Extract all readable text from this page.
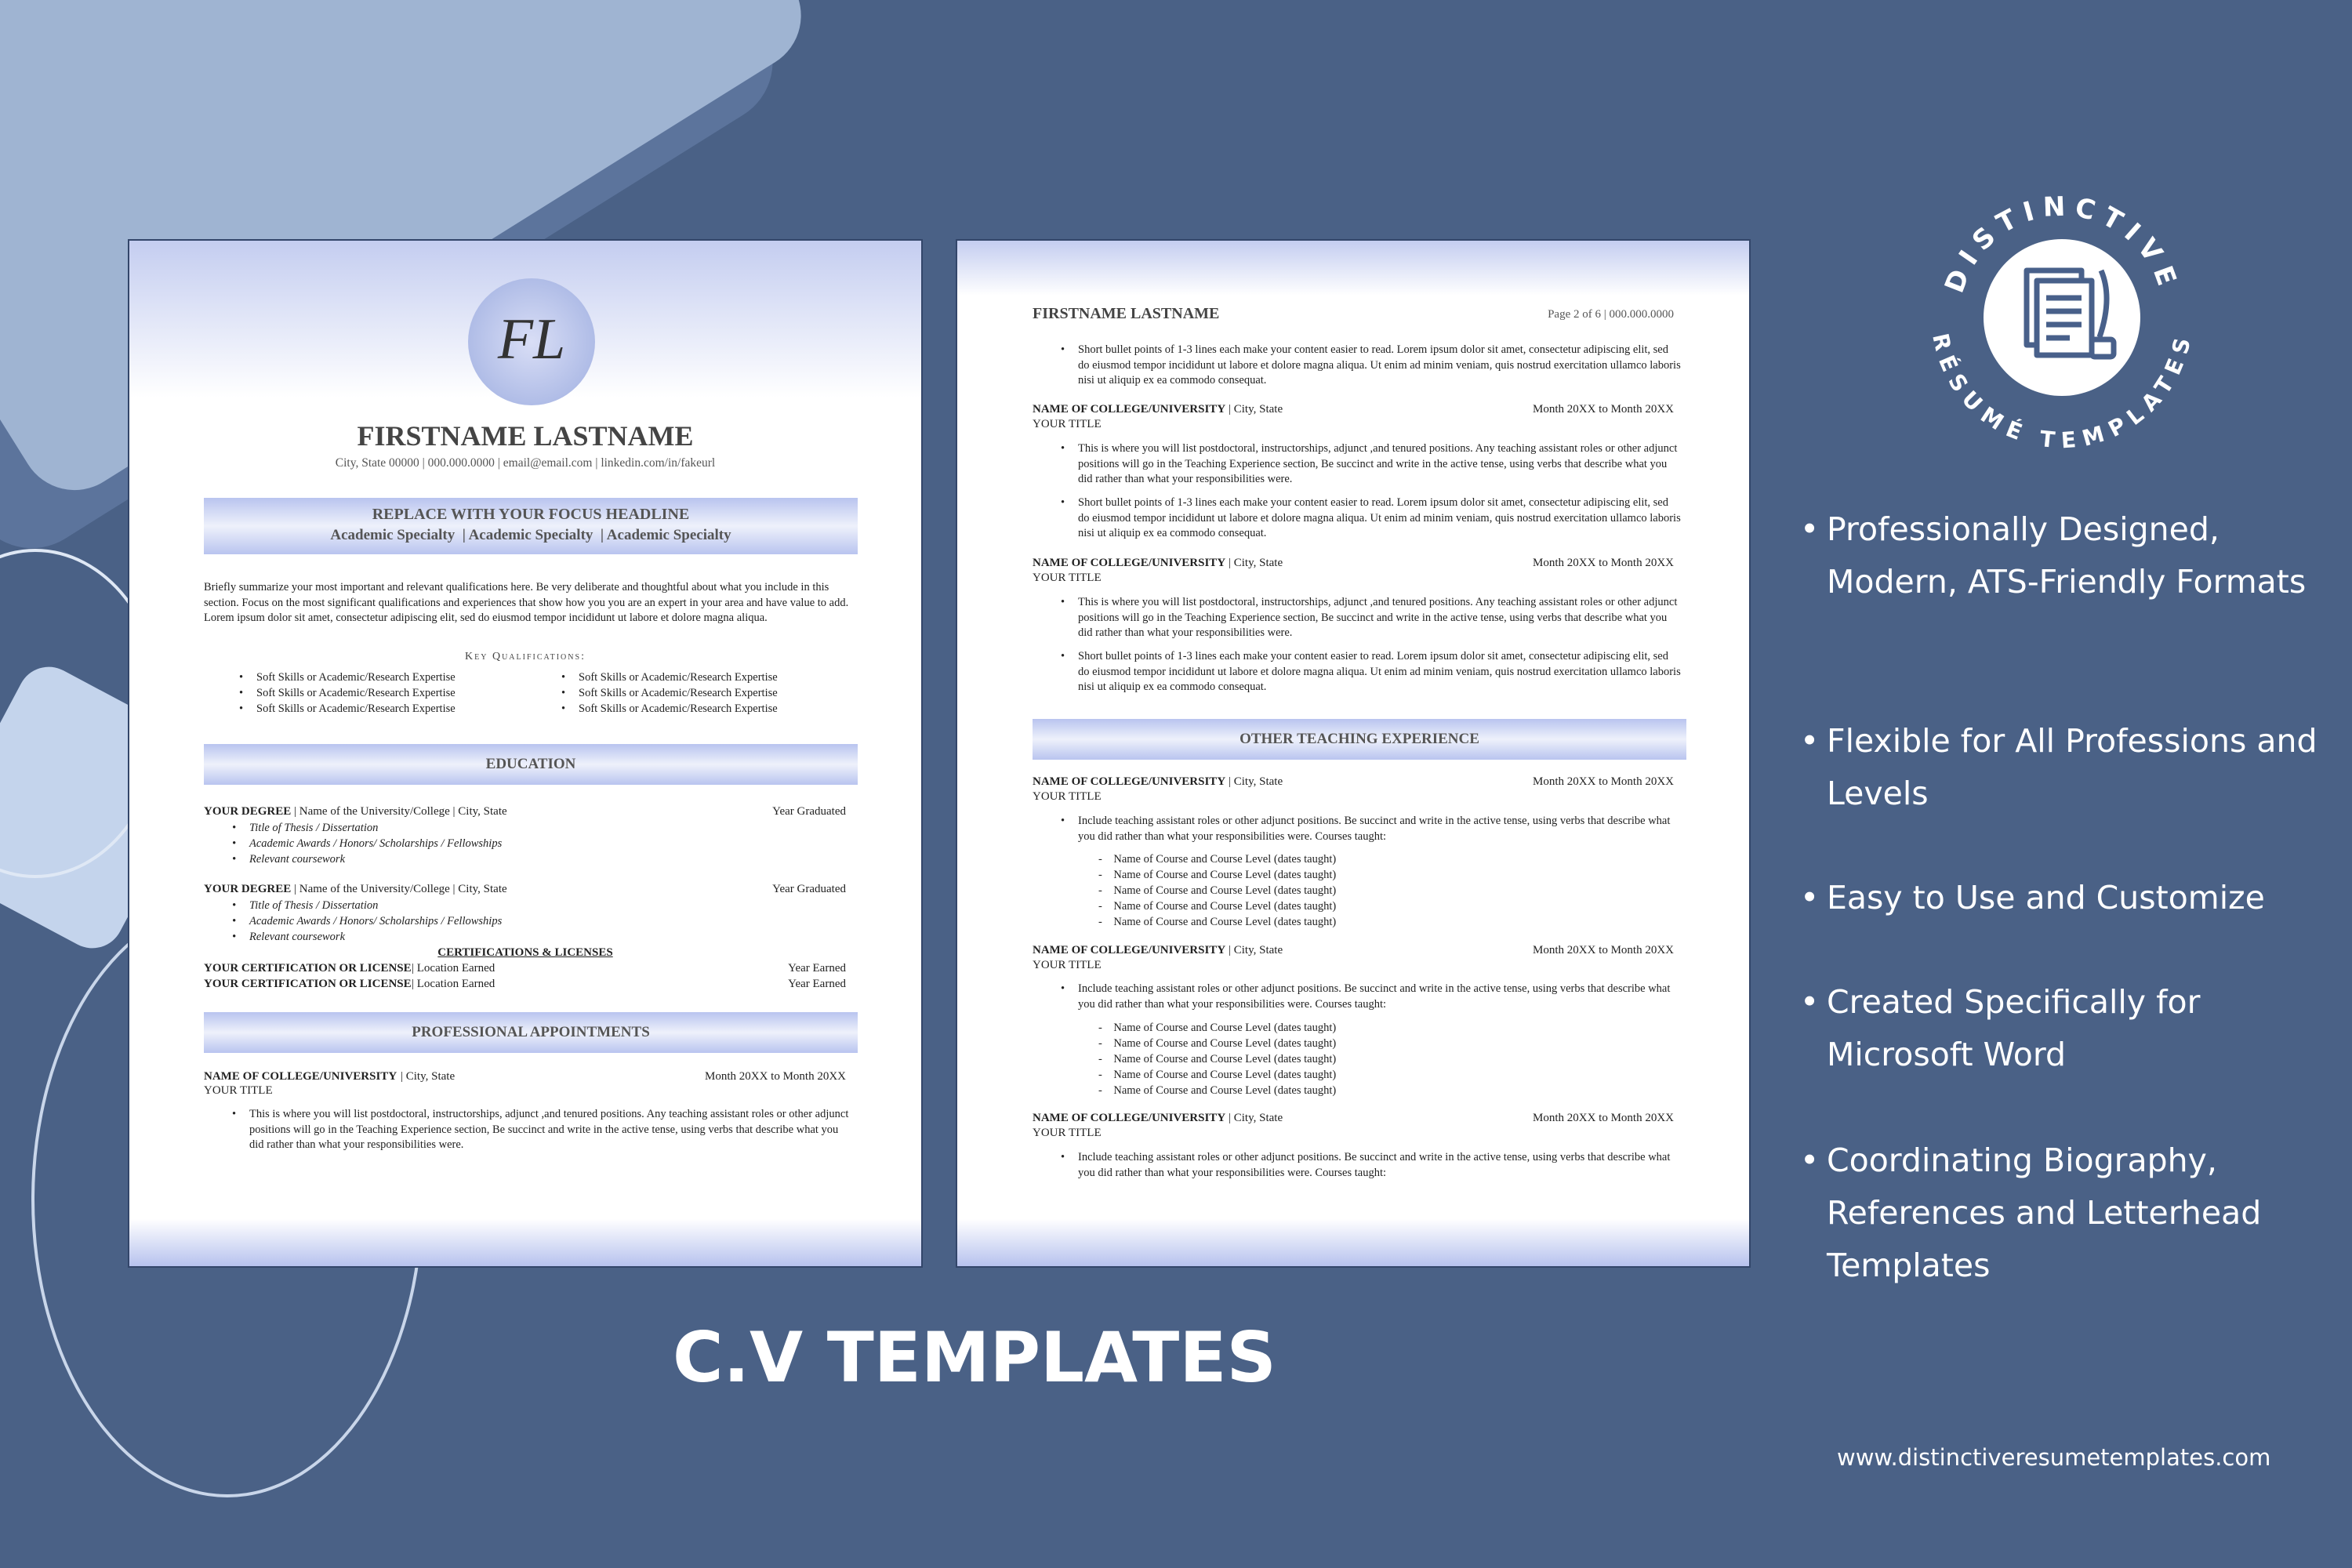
FL
FIRSTNAME LASTNAME
City, State 00000 | 000.000.0000 | email@email.com | linkedin.com/in/fakeurl
REPLACE WITH YOUR FOCUS HEADLINE
Academic Specialty  | Academic Specialty  | Academic Specialty
Briefly summarize your most important and relevant qualifications here. Be very deliberate and thoughtful about what you include in this section. Focus on the most significant qualifications and experiences that show how you you are an expert in your area and have value to add. Lorem ipsum dolor sit amet, consectetur adipiscing elit, sed do eiusmod tempor incididunt ut labore et dolore magna aliqua.
Key Qualifications:
• Soft Skills or Academic/Research Expertise
• Soft Skills or Academic/Research Expertise
• Soft Skills or Academic/Research Expertise
• Soft Skills or Academic/Research Expertise
• Soft Skills or Academic/Research Expertise
• Soft Skills or Academic/Research Expertise
EDUCATION
YOUR DEGREE | Name of the University/College | City, State	Year Graduated
• Title of Thesis / Dissertation
• Academic Awards / Honors/ Scholarships / Fellowships
• Relevant coursework
YOUR DEGREE | Name of the University/College | City, State	Year Graduated
• Title of Thesis / Dissertation
• Academic Awards / Honors/ Scholarships / Fellowships
• Relevant coursework
CERTIFICATIONS & LICENSES
YOUR CERTIFICATION OR LICENSE | Location Earned	Year Earned
YOUR CERTIFICATION OR LICENSE | Location Earned	Year Earned
PROFESSIONAL APPOINTMENTS
NAME OF COLLEGE/UNIVERSITY | City, State	Month 20XX to Month 20XX
YOUR TITLE
• This is where you will list postdoctoral, instructorships, adjunct ,and tenured positions. Any teaching assistant roles or other adjunct positions will go in the Teaching Experience section, Be succinct and write in the active tense, using verbs that describe what you did rather than what your responsibilities were.
FIRSTNAME LASTNAME	Page 2 of 6 | 000.000.0000
• Short bullet points of 1-3 lines each make your content easier to read. Lorem ipsum dolor sit amet, consectetur adipiscing elit, sed do eiusmod tempor incididunt ut labore et dolore magna aliqua. Ut enim ad minim veniam, quis nostrud exercitation ullamco laboris nisi ut aliquip ex ea commodo consequat.
NAME OF COLLEGE/UNIVERSITY | City, State	Month 20XX to Month 20XX
YOUR TITLE
• This is where you will list postdoctoral, instructorships, adjunct ,and tenured positions. Any teaching assistant roles or other adjunct positions will go in the Teaching Experience section, Be succinct and write in the active tense, using verbs that describe what you did rather than what your responsibilities were.
• Short bullet points of 1-3 lines each make your content easier to read. Lorem ipsum dolor sit amet, consectetur adipiscing elit, sed do eiusmod tempor incididunt ut labore et dolore magna aliqua. Ut enim ad minim veniam, quis nostrud exercitation ullamco laboris nisi ut aliquip ex ea commodo consequat.
NAME OF COLLEGE/UNIVERSITY | City, State	Month 20XX to Month 20XX
YOUR TITLE
• This is where you will list postdoctoral, instructorships, adjunct ,and tenured positions. Any teaching assistant roles or other adjunct positions will go in the Teaching Experience section, Be succinct and write in the active tense, using verbs that describe what you did rather than what your responsibilities were.
• Short bullet points of 1-3 lines each make your content easier to read. Lorem ipsum dolor sit amet, consectetur adipiscing elit, sed do eiusmod tempor incididunt ut labore et dolore magna aliqua. Ut enim ad minim veniam, quis nostrud exercitation ullamco laboris nisi ut aliquip ex ea commodo consequat.
OTHER TEACHING EXPERIENCE
NAME OF COLLEGE/UNIVERSITY | City, State	Month 20XX to Month 20XX
YOUR TITLE
• Include teaching assistant roles or other adjunct positions. Be succinct and write in the active tense, using verbs that describe what you did rather than what your responsibilities were. Courses taught:
-    Name of Course and Course Level (dates taught)
-    Name of Course and Course Level (dates taught)
-    Name of Course and Course Level (dates taught)
-    Name of Course and Course Level (dates taught)
-    Name of Course and Course Level (dates taught)
NAME OF COLLEGE/UNIVERSITY | City, State	Month 20XX to Month 20XX
YOUR TITLE
• Include teaching assistant roles or other adjunct positions. Be succinct and write in the active tense, using verbs that describe what you did rather than what your responsibilities were. Courses taught:
-    Name of Course and Course Level (dates taught)
-    Name of Course and Course Level (dates taught)
-    Name of Course and Course Level (dates taught)
-    Name of Course and Course Level (dates taught)
-    Name of Course and Course Level (dates taught)
NAME OF COLLEGE/UNIVERSITY | City, State	Month 20XX to Month 20XX
YOUR TITLE
• Include teaching assistant roles or other adjunct positions. Be succinct and write in the active tense, using verbs that describe what you did rather than what your responsibilities were. Courses taught:
DISTINCTIVE
RÉSUMÉ TEMPLATES
• Professionally Designed, Modern, ATS-Friendly Formats
• Flexible for All Professions and Levels
• Easy to Use and Customize
• Created Specifically for Microsoft Word
• Coordinating Biography, References and Letterhead Templates
C.V TEMPLATES
www.distinctiveresumetemplates.com
